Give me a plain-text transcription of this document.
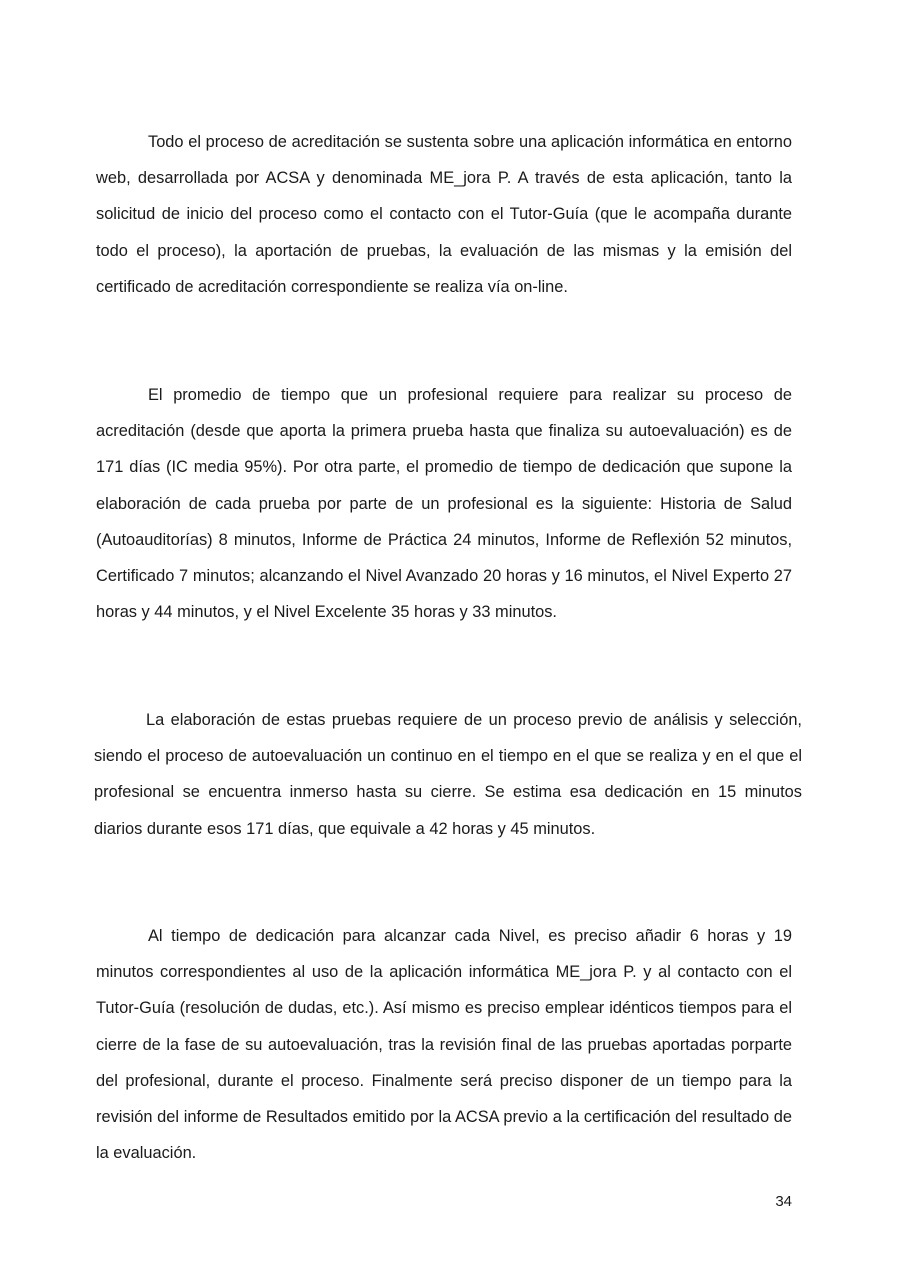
Todo el proceso de acreditación se sustenta sobre una aplicación informática en entorno web, desarrollada por ACSA y denominada ME_jora P. A través de esta aplicación, tanto la solicitud de inicio del proceso como el contacto con el Tutor-Guía (que le acompaña durante todo el proceso), la aportación de pruebas, la evaluación de las mismas y la emisión del certificado de acreditación correspondiente se realiza vía on-line.

El promedio de tiempo que un profesional requiere para realizar su proceso de acreditación (desde que aporta la primera prueba hasta que finaliza su autoevaluación) es de 171 días (IC media 95%). Por otra parte, el promedio de tiempo de dedicación que supone la elaboración de cada prueba por parte de un profesional es la siguiente: Historia de Salud (Autoauditorías) 8 minutos, Informe de Práctica 24 minutos, Informe de Reflexión 52 minutos, Certificado 7 minutos; alcanzando el Nivel Avanzado 20 horas y 16 minutos, el Nivel Experto 27 horas y 44 minutos, y el Nivel Excelente 35 horas y 33 minutos.

La elaboración de estas pruebas requiere de un proceso previo de análisis y selección, siendo el proceso de autoevaluación un continuo en el tiempo en el que se realiza y en el que el profesional se encuentra inmerso hasta su cierre. Se estima esa dedicación en 15 minutos diarios durante esos 171 días, que equivale a 42 horas y 45 minutos.

Al tiempo de dedicación para alcanzar cada Nivel, es preciso añadir 6 horas y 19 minutos correspondientes al uso de la aplicación informática ME_jora P. y al contacto con el Tutor-Guía (resolución de dudas, etc.). Así mismo es preciso emplear idénticos tiempos para el cierre de la fase de su autoevaluación, tras la revisión final de las pruebas aportadas porparte del profesional, durante el proceso. Finalmente será preciso disponer de un tiempo para la revisión del informe de Resultados emitido por la ACSA previo a la certificación del resultado de la evaluación.

34
